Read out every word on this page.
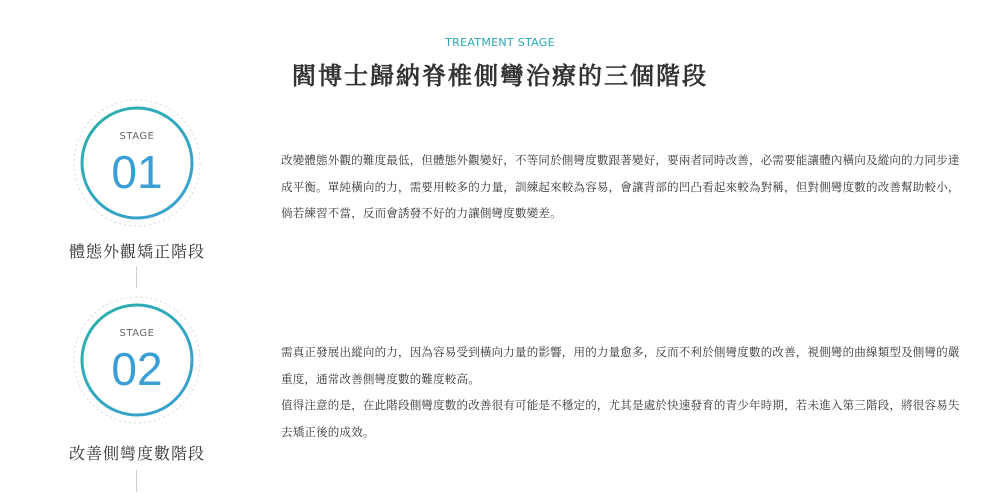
TREATMENT STAGE
閻博士歸納脊椎側彎治療的三個階段
STAGE
01
體態外觀矯正階段

改變體態外觀的難度最低，但體態外觀變好，不等同於側彎度數跟著變好，要兩者同時改善，必需要能讓體內橫向及縱向的力同步達成平衡。單純橫向的力，需要用較多的力量，訓練起來較為容易，會讓背部的凹凸看起來較為對稱，但對側彎度數的改善幫助較小，倘若練習不當，反而會誘發不好的力讓側彎度數變差。

STAGE
02
改善側彎度數階段

需真正發展出縱向的力，因為容易受到橫向力量的影響，用的力量愈多，反而不利於側彎度數的改善，視側彎的曲線類型及側彎的嚴重度，通常改善側彎度數的難度較高。

值得注意的是，在此階段側彎度數的改善很有可能是不穩定的，尤其是處於快速發育的青少年時期，若未進入第三階段，將很容易失去矯正後的成效。
